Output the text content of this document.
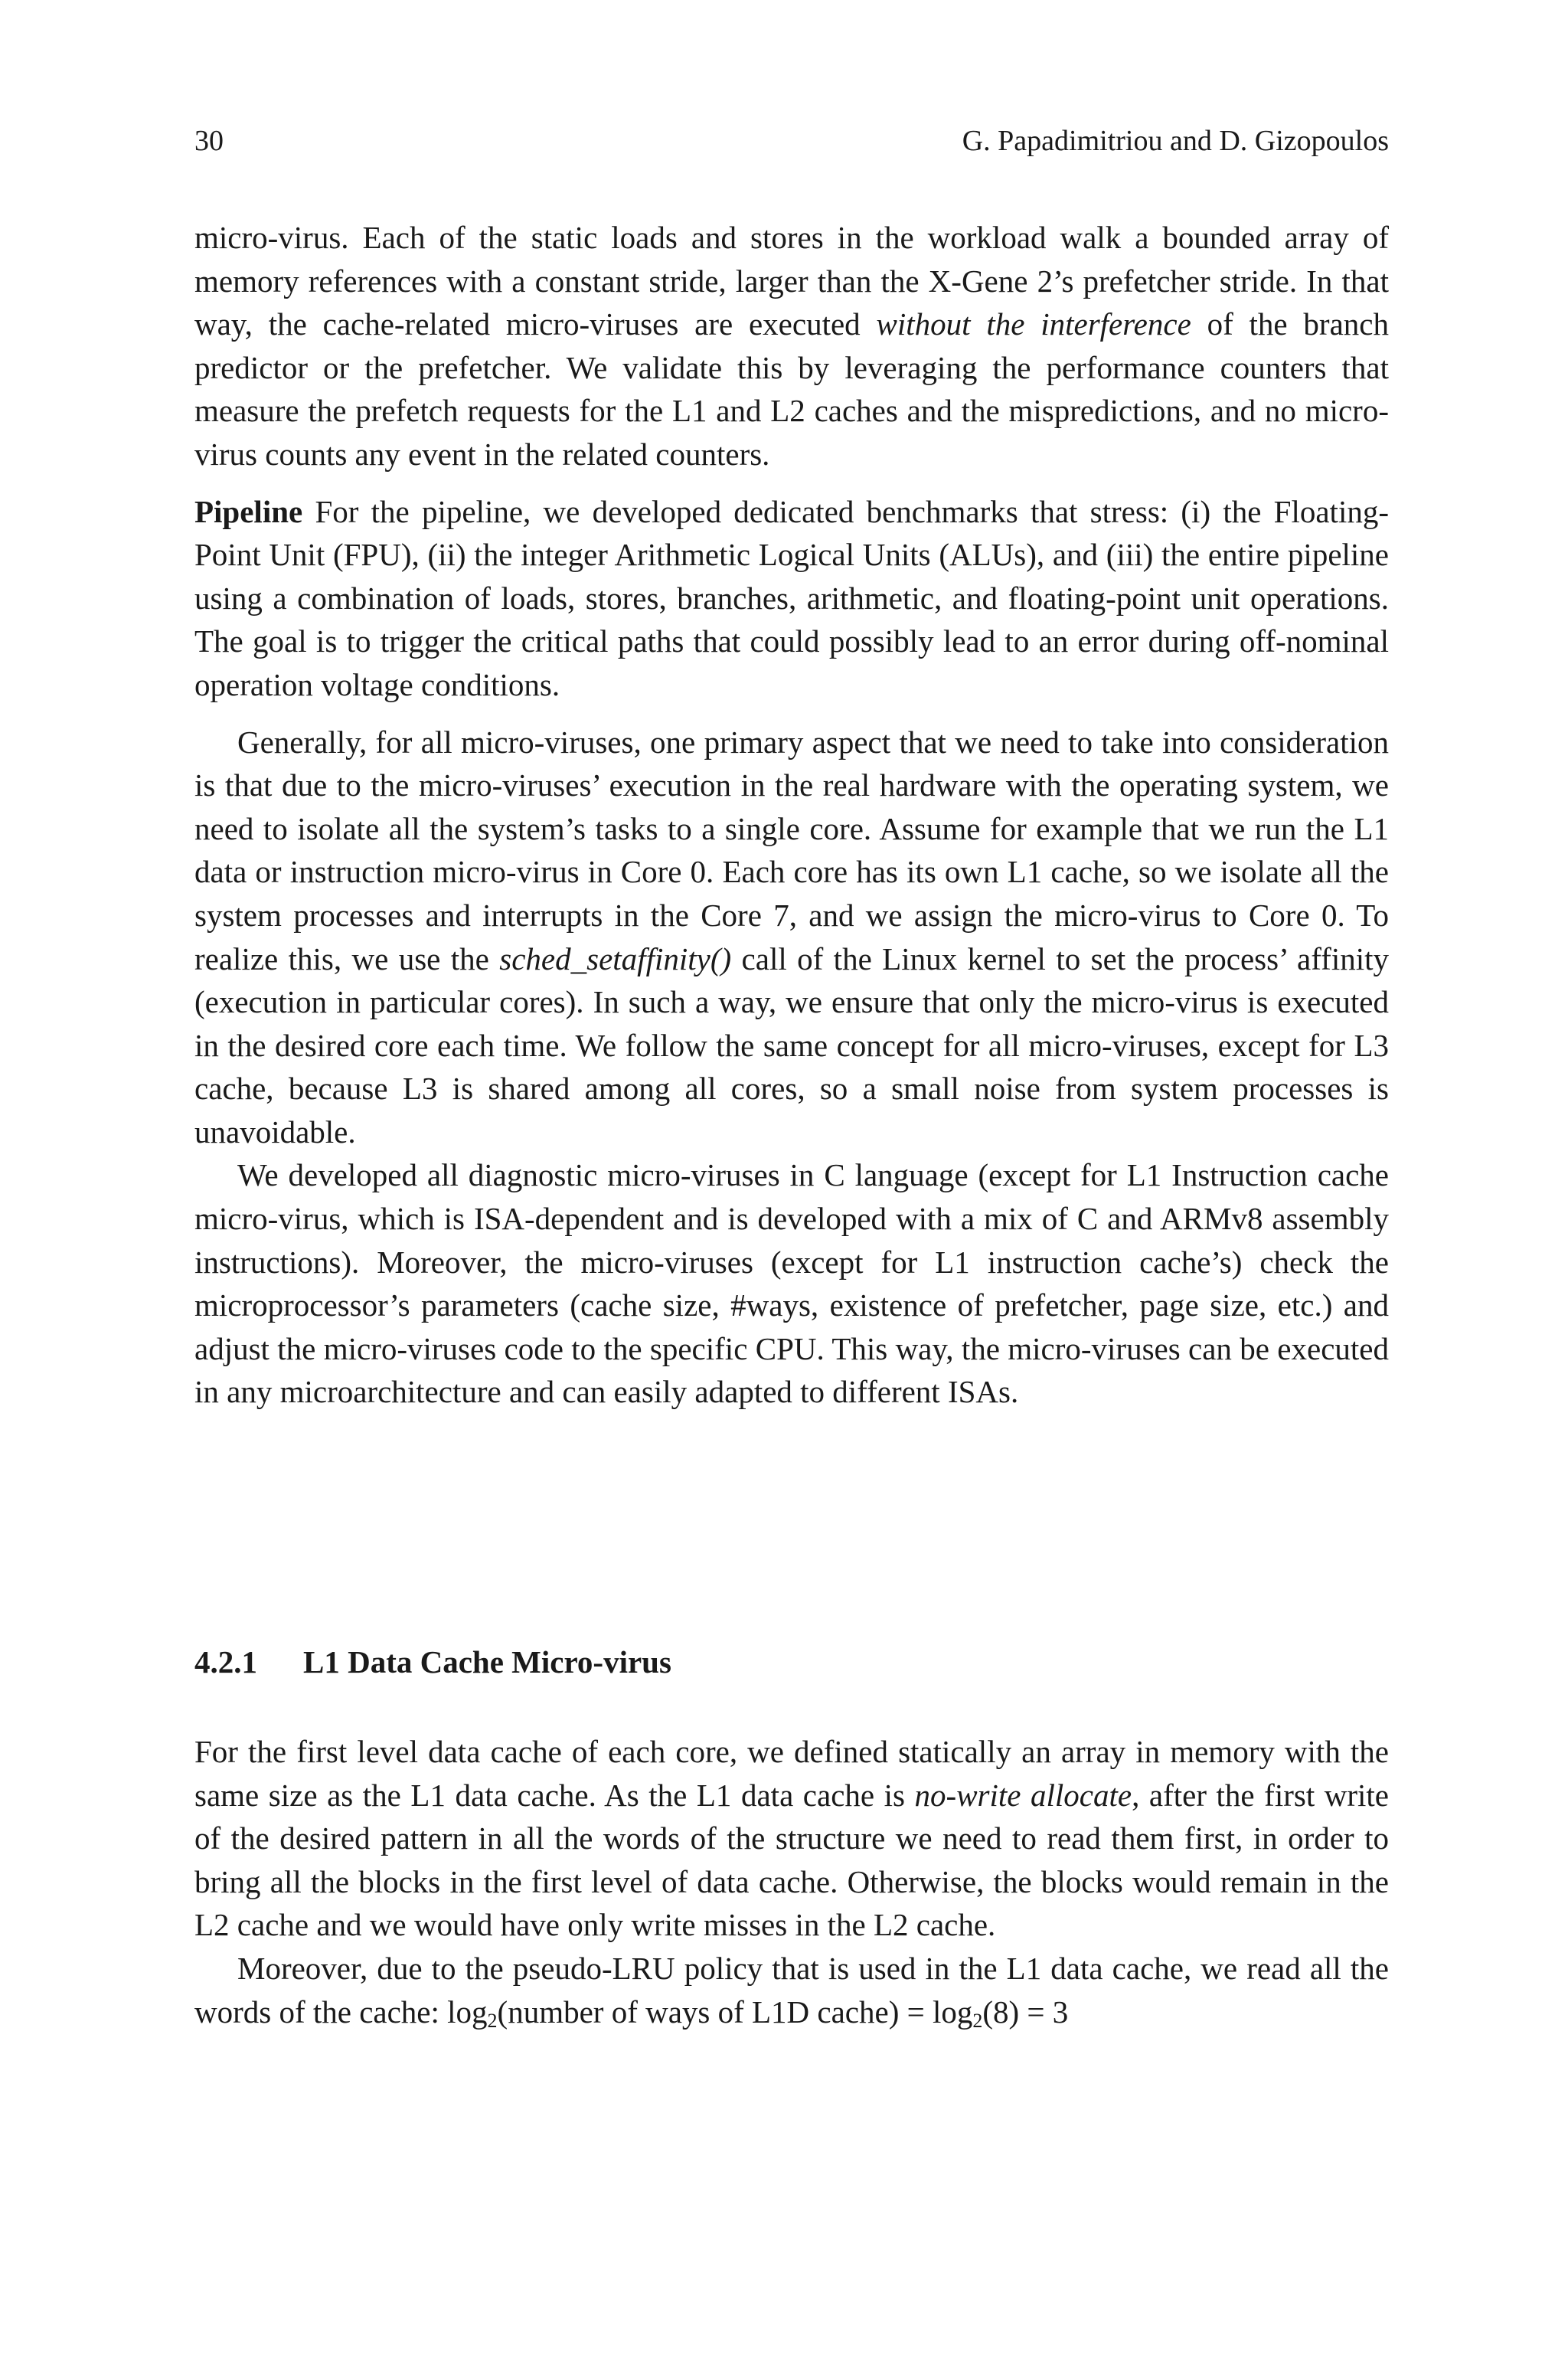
30	G. Papadimitriou and D. Gizopoulos

micro-virus. Each of the static loads and stores in the workload walk a bounded array of memory references with a constant stride, larger than the X-Gene 2’s prefetcher stride. In that way, the cache-related micro-viruses are executed without the interference of the branch predictor or the prefetcher. We validate this by leveraging the performance counters that measure the prefetch requests for the L1 and L2 caches and the mispredictions, and no micro-virus counts any event in the related counters.

Pipeline For the pipeline, we developed dedicated benchmarks that stress: (i) the Floating-Point Unit (FPU), (ii) the integer Arithmetic Logical Units (ALUs), and (iii) the entire pipeline using a combination of loads, stores, branches, arithmetic, and floating-point unit operations. The goal is to trigger the critical paths that could possibly lead to an error during off-nominal operation voltage conditions.

Generally, for all micro-viruses, one primary aspect that we need to take into consideration is that due to the micro-viruses’ execution in the real hardware with the operating system, we need to isolate all the system’s tasks to a single core. Assume for example that we run the L1 data or instruction micro-virus in Core 0. Each core has its own L1 cache, so we isolate all the system processes and interrupts in the Core 7, and we assign the micro-virus to Core 0. To realize this, we use the sched_setaffinity() call of the Linux kernel to set the process’ affinity (execution in particular cores). In such a way, we ensure that only the micro-virus is executed in the desired core each time. We follow the same concept for all micro-viruses, except for L3 cache, because L3 is shared among all cores, so a small noise from system processes is unavoidable.

We developed all diagnostic micro-viruses in C language (except for L1 Instruction cache micro-virus, which is ISA-dependent and is developed with a mix of C and ARMv8 assembly instructions). Moreover, the micro-viruses (except for L1 instruction cache’s) check the microprocessor’s parameters (cache size, #ways, existence of prefetcher, page size, etc.) and adjust the micro-viruses code to the specific CPU. This way, the micro-viruses can be executed in any microarchitecture and can easily adapted to different ISAs.

4.2.1 L1 Data Cache Micro-virus

For the first level data cache of each core, we defined statically an array in memory with the same size as the L1 data cache. As the L1 data cache is no-write allocate, after the first write of the desired pattern in all the words of the structure we need to read them first, in order to bring all the blocks in the first level of data cache. Otherwise, the blocks would remain in the L2 cache and we would have only write misses in the L2 cache.

Moreover, due to the pseudo-LRU policy that is used in the L1 data cache, we read all the words of the cache: $\log_2(number$ of ways of L1D cache) = $\log_2(8) = 3$
